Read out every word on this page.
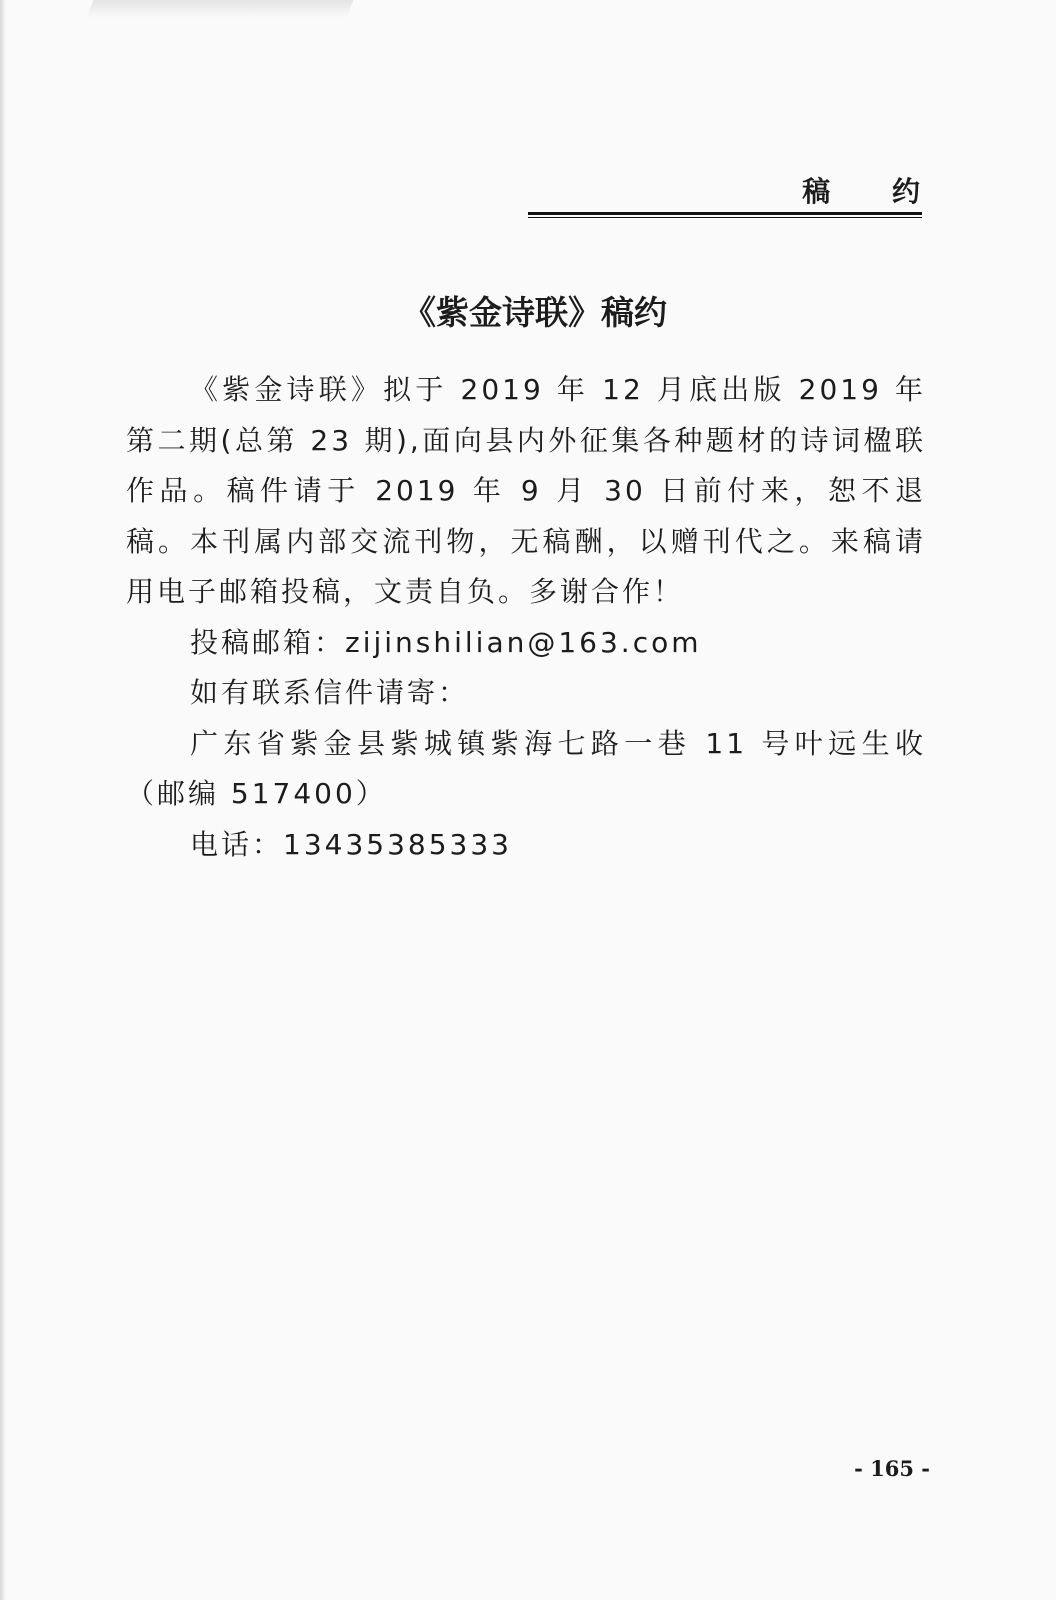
稿 约
《紫金诗联》稿约

《紫金诗联》拟于 2019 年 12 月底出版 2019 年第二期(总第 23 期),面向县内外征集各种题材的诗词楹联作品。稿件请于 2019 年 9 月 30 日前付来，恕不退稿。本刊属内部交流刊物，无稿酬，以赠刊代之。来稿请用电子邮箱投稿，文责自负。多谢合作！

投稿邮箱：zijinshilian@163.com

如有联系信件请寄：

广东省紫金县紫城镇紫海七路一巷 11 号叶远生收（邮编 517400）

电话：13435385333

- 165 -
